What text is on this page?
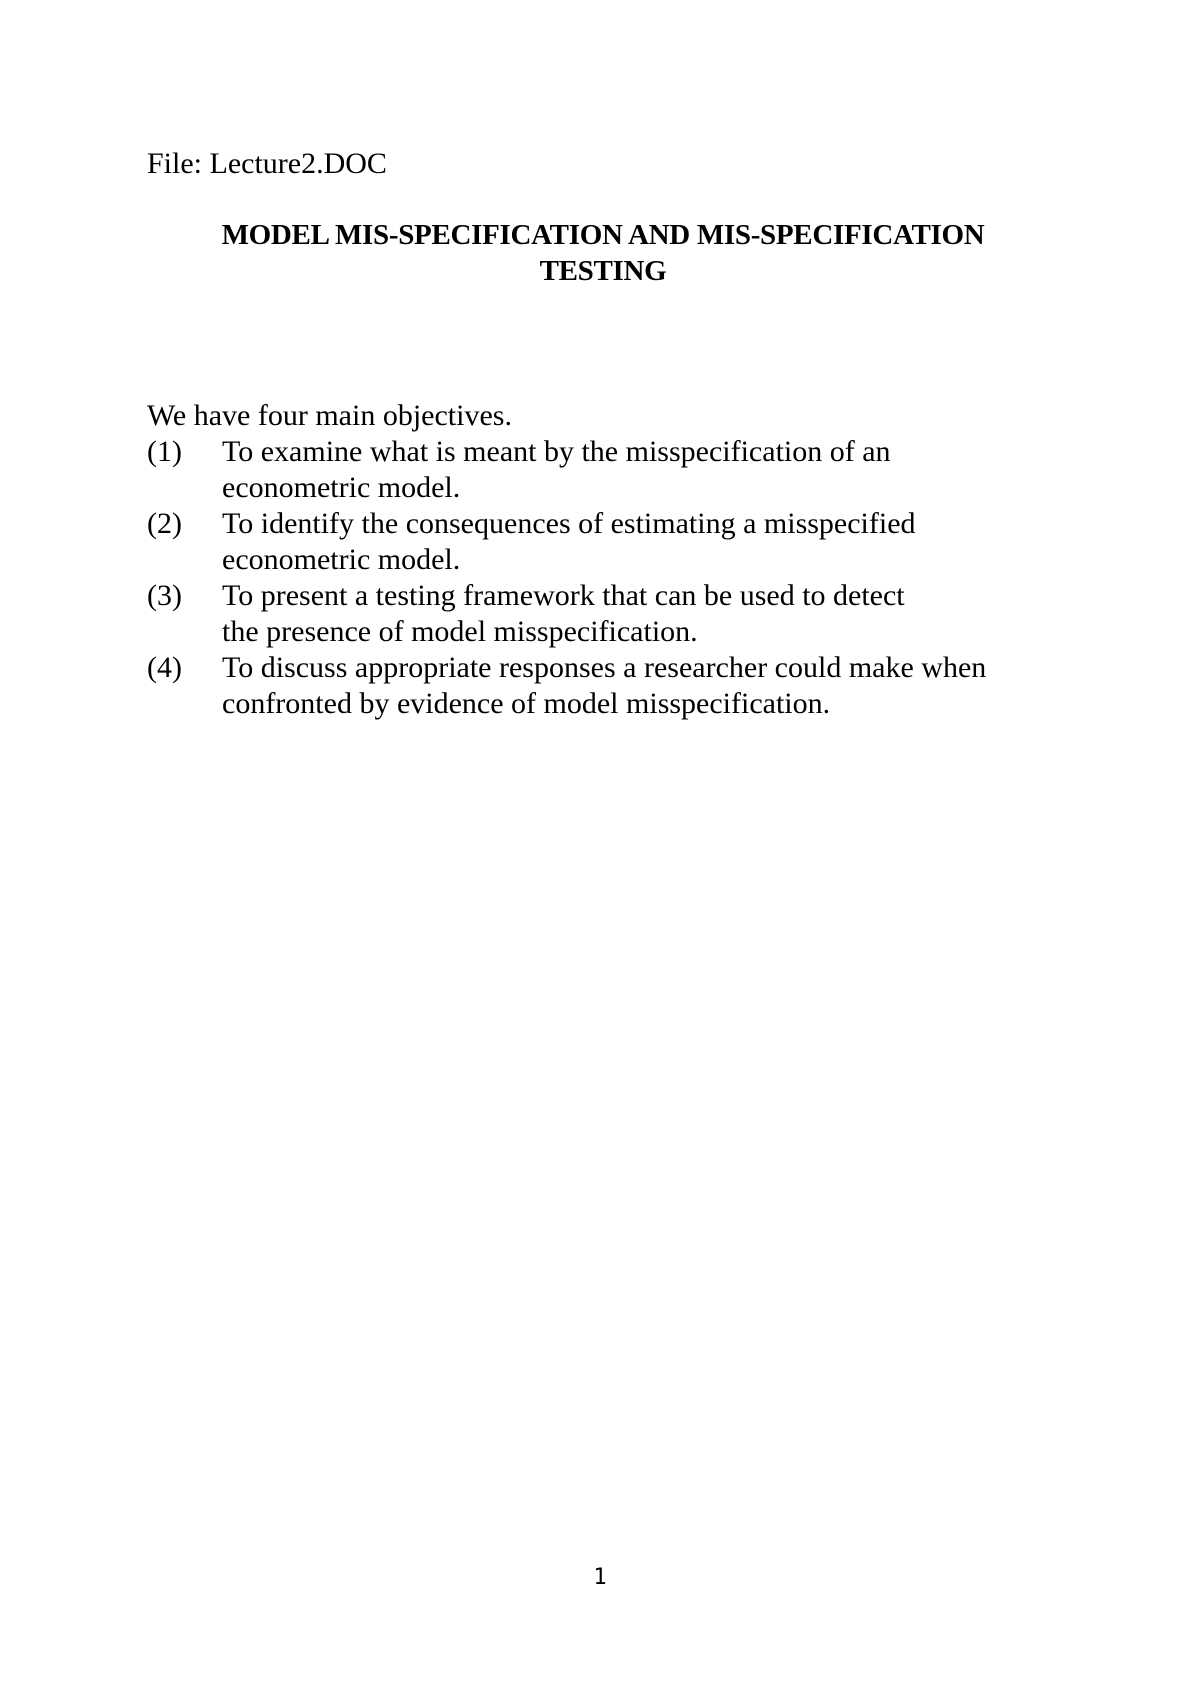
File: Lecture2.DOC
MODEL MIS-SPECIFICATION AND MIS-SPECIFICATION
TESTING
We have four main objectives.
(1) To examine what is meant by the misspecification of an
econometric model.
(2) To identify the consequences of estimating a misspecified
econometric model.
(3) To present a testing framework that can be used to detect
the presence of model misspecification.
(4) To discuss appropriate responses a researcher could make when
confronted by evidence of model misspecification.
1
